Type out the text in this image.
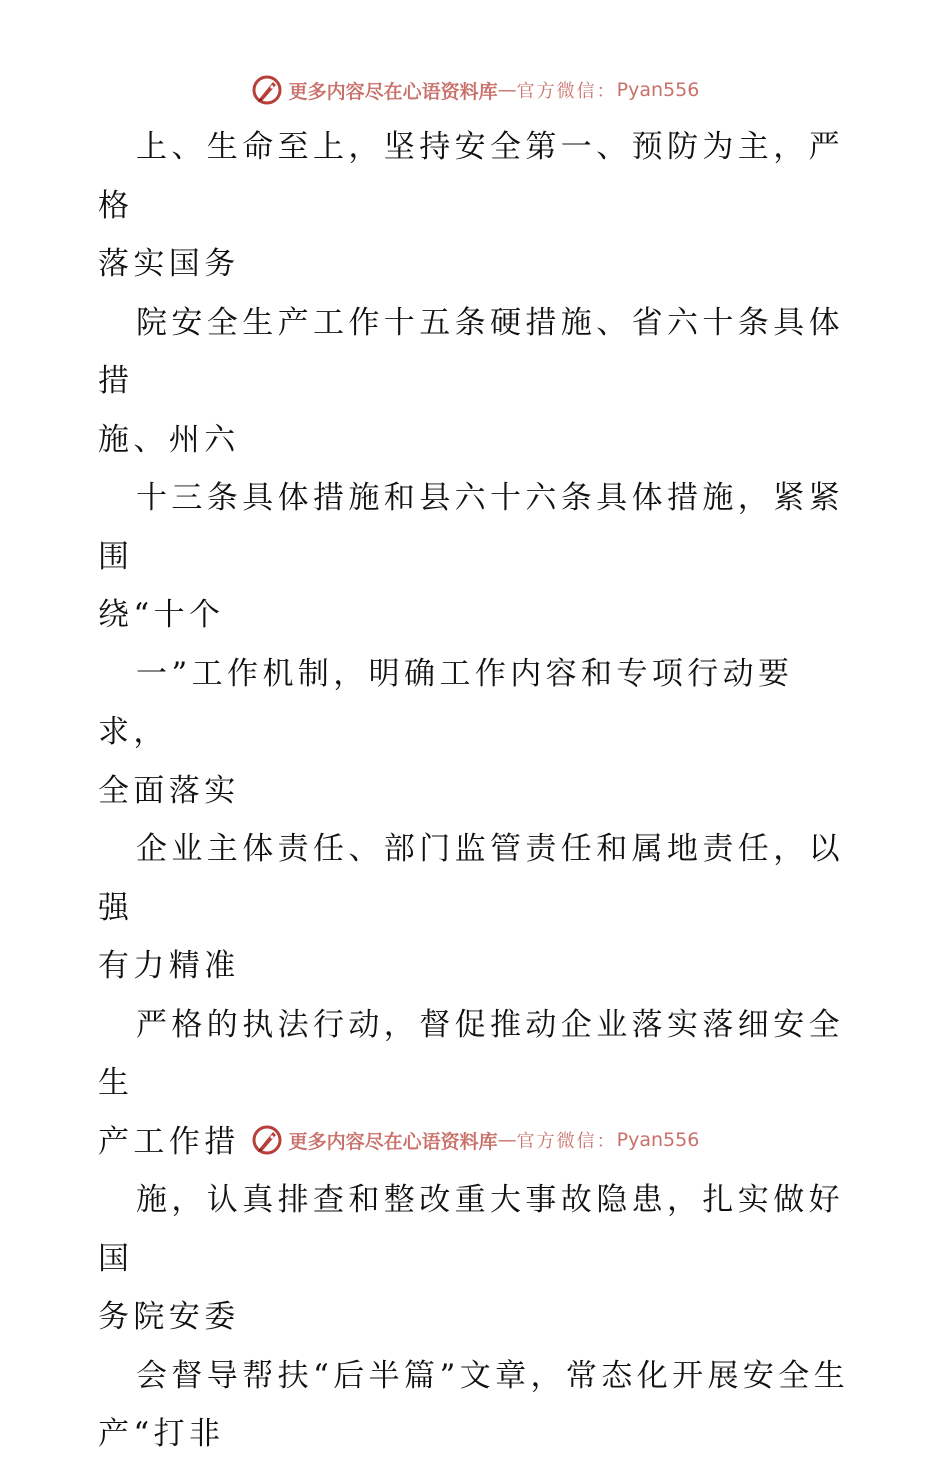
更多内容尽在心语资料库 — 官方微信： Pyan556

上、生命至上，坚持安全第一、预防为主，严格
落实国务

院安全生产工作十五条硬措施、省六十条具体措
施、州六

十三条具体措施和县六十六条具体措施，紧紧围
绕“十个

一”工作机制，明确工作内容和专项行动要求，
全面落实

企业主体责任、部门监管责任和属地责任，以强
有力精准

严格的执法行动，督促推动企业落实落细安全生
产工作措

施，认真排查和整改重大事故隐患，扎实做好国
务院安委

会督导帮扶“后半篇”文章，常态化开展安全生
产“打非

更多内容尽在心语资料库 — 官方微信： Pyan556
